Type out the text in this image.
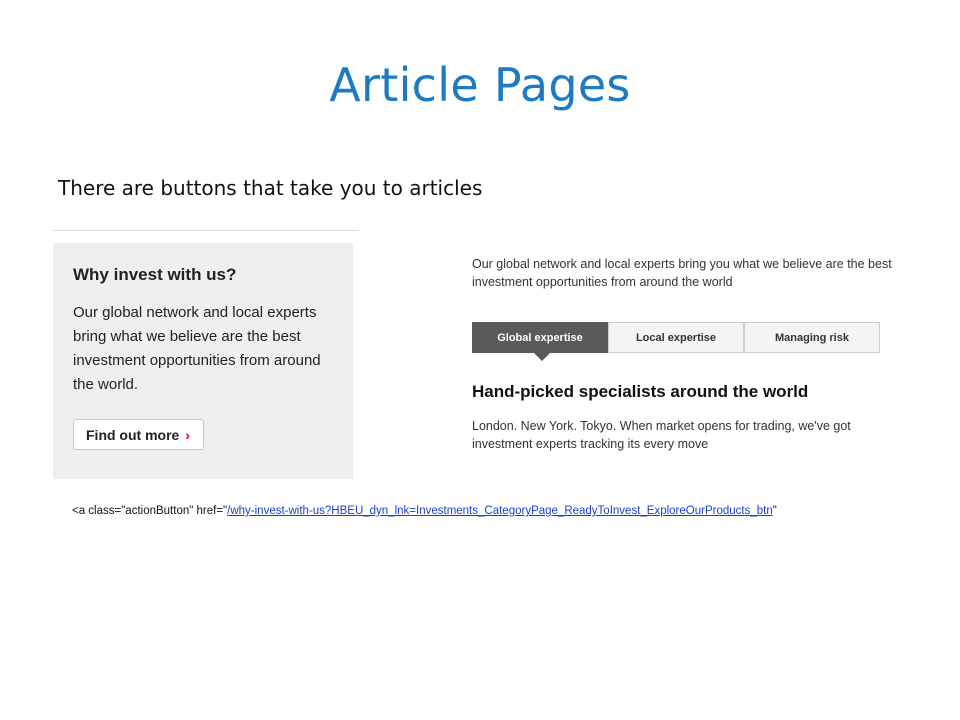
Article Pages
There are buttons that take you to articles
Why invest with us?
Our global network and local experts bring what we believe are the best investment opportunities from around the world.
Find out more ›
Our global network and local experts bring you what we believe are the best investment opportunities from around the world
Global expertise	Local expertise	Managing risk
Hand-picked specialists around the world
London. New York. Tokyo. When market opens for trading, we've got investment experts tracking its every move
<a class="actionButton" href="/why-invest-with-us?HBEU_dyn_lnk=Investments_CategoryPage_ReadyToInvest_ExploreOurProducts_btn"
